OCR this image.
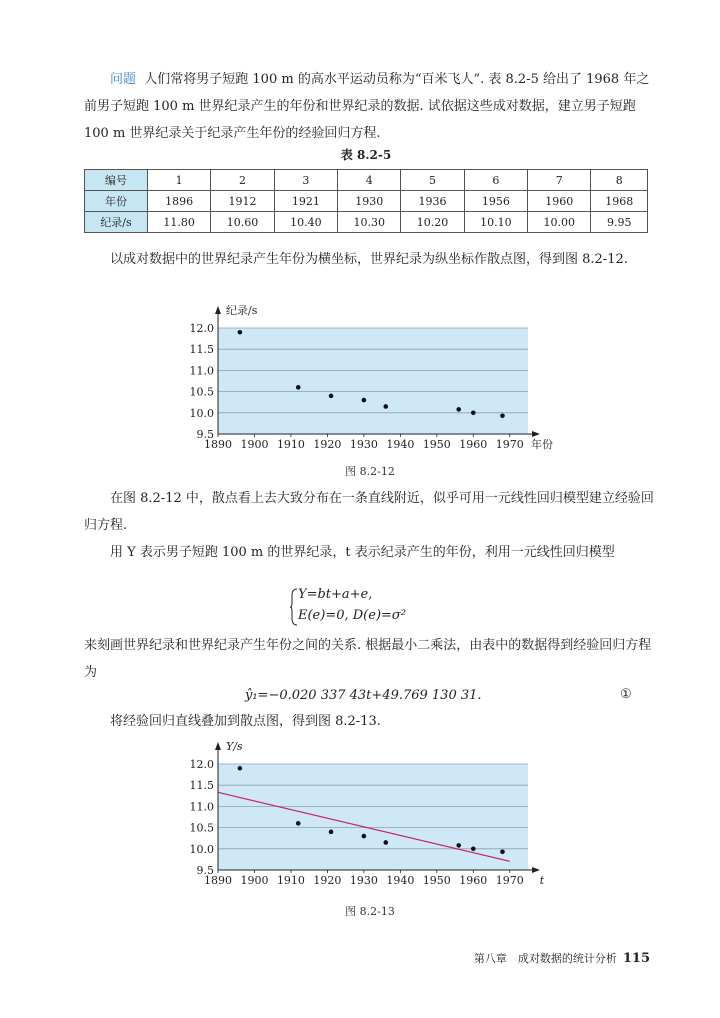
问题 人们常将男子短跑 100 m 的高水平运动员称为“百米飞人”. 表 8.2-5 给出了 1968 年之前男子短跑 100 m 世界纪录产生的年份和世界纪录的数据. 试依据这些成对数据，建立男子短跑 100 m 世界纪录关于纪录产生年份的经验回归方程.

表 8.2-5
编号	1	2	3	4	5	6	7	8
年份	1896	1912	1921	1930	1936	1956	1960	1968
纪录/s	11.80	10.60	10.40	10.30	10.20	10.10	10.00	9.95

以成对数据中的世界纪录产生年份为横坐标，世界纪录为纵坐标作散点图，得到图 8.2-12.

9.5
10.0
10.5
11.0
11.5
12.0
1890 1900 1910 1920 1930 1940 1950 1960 1970
纪录/s
年份
图 8.2-12

在图 8.2-12 中，散点看上去大致分布在一条直线附近，似乎可用一元线性回归模型建立经验回归方程.

用 Y 表示男子短跑 100 m 的世界纪录，t 表示纪录产生的年份，利用一元线性回归模型

Y=bt+a+e,
E(e)=0, D(e)=σ²

来刻画世界纪录和世界纪录产生年份之间的关系. 根据最小二乘法，由表中的数据得到经验回归方程为

ŷ₁=−0.020 337 43t+49.769 130 31.	①

将经验回归直线叠加到散点图，得到图 8.2-13.

9.5
10.0
10.5
11.0
11.5
12.0
1890 1900 1910 1920 1930 1940 1950 1960 1970
Y/s
t
图 8.2-13
第八章　成对数据的统计分析 115
